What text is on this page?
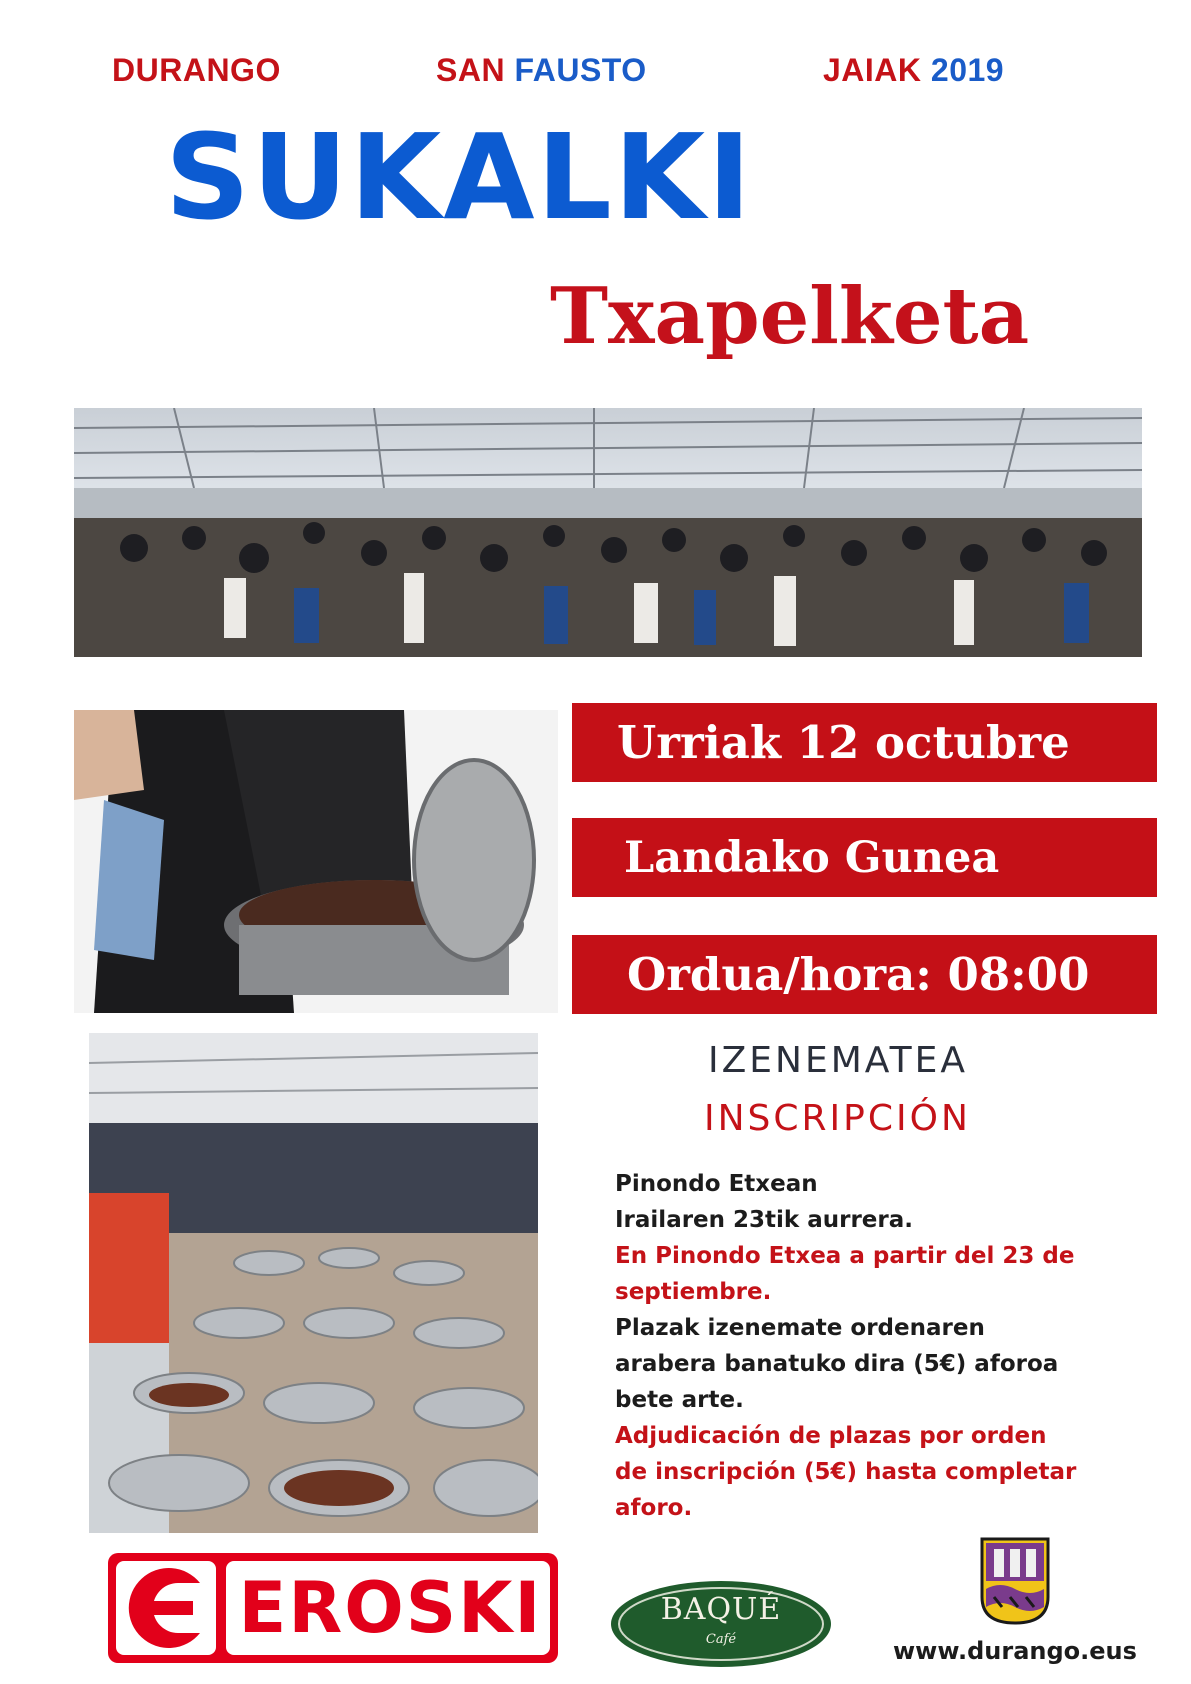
DURANGO	SAN FAUSTO	JAIAK 2019
SUKALKI
Txapelketa
Urriak 12 octubre
Landako Gunea
Ordua/hora: 08:00
IZENEMATEA
INSCRIPCIÓN
Pinondo Etxean
Irailaren 23tik aurrera.
En Pinondo Etxea a partir del 23 de
septiembre.
Plazak izenemate ordenaren
arabera banatuko dira (5€) aforoa
bete arte.
Adjudicación de plazas por orden
de inscripción (5€) hasta completar
aforo.
EROSKI	BAQUÉ
Café	www.durango.eus
